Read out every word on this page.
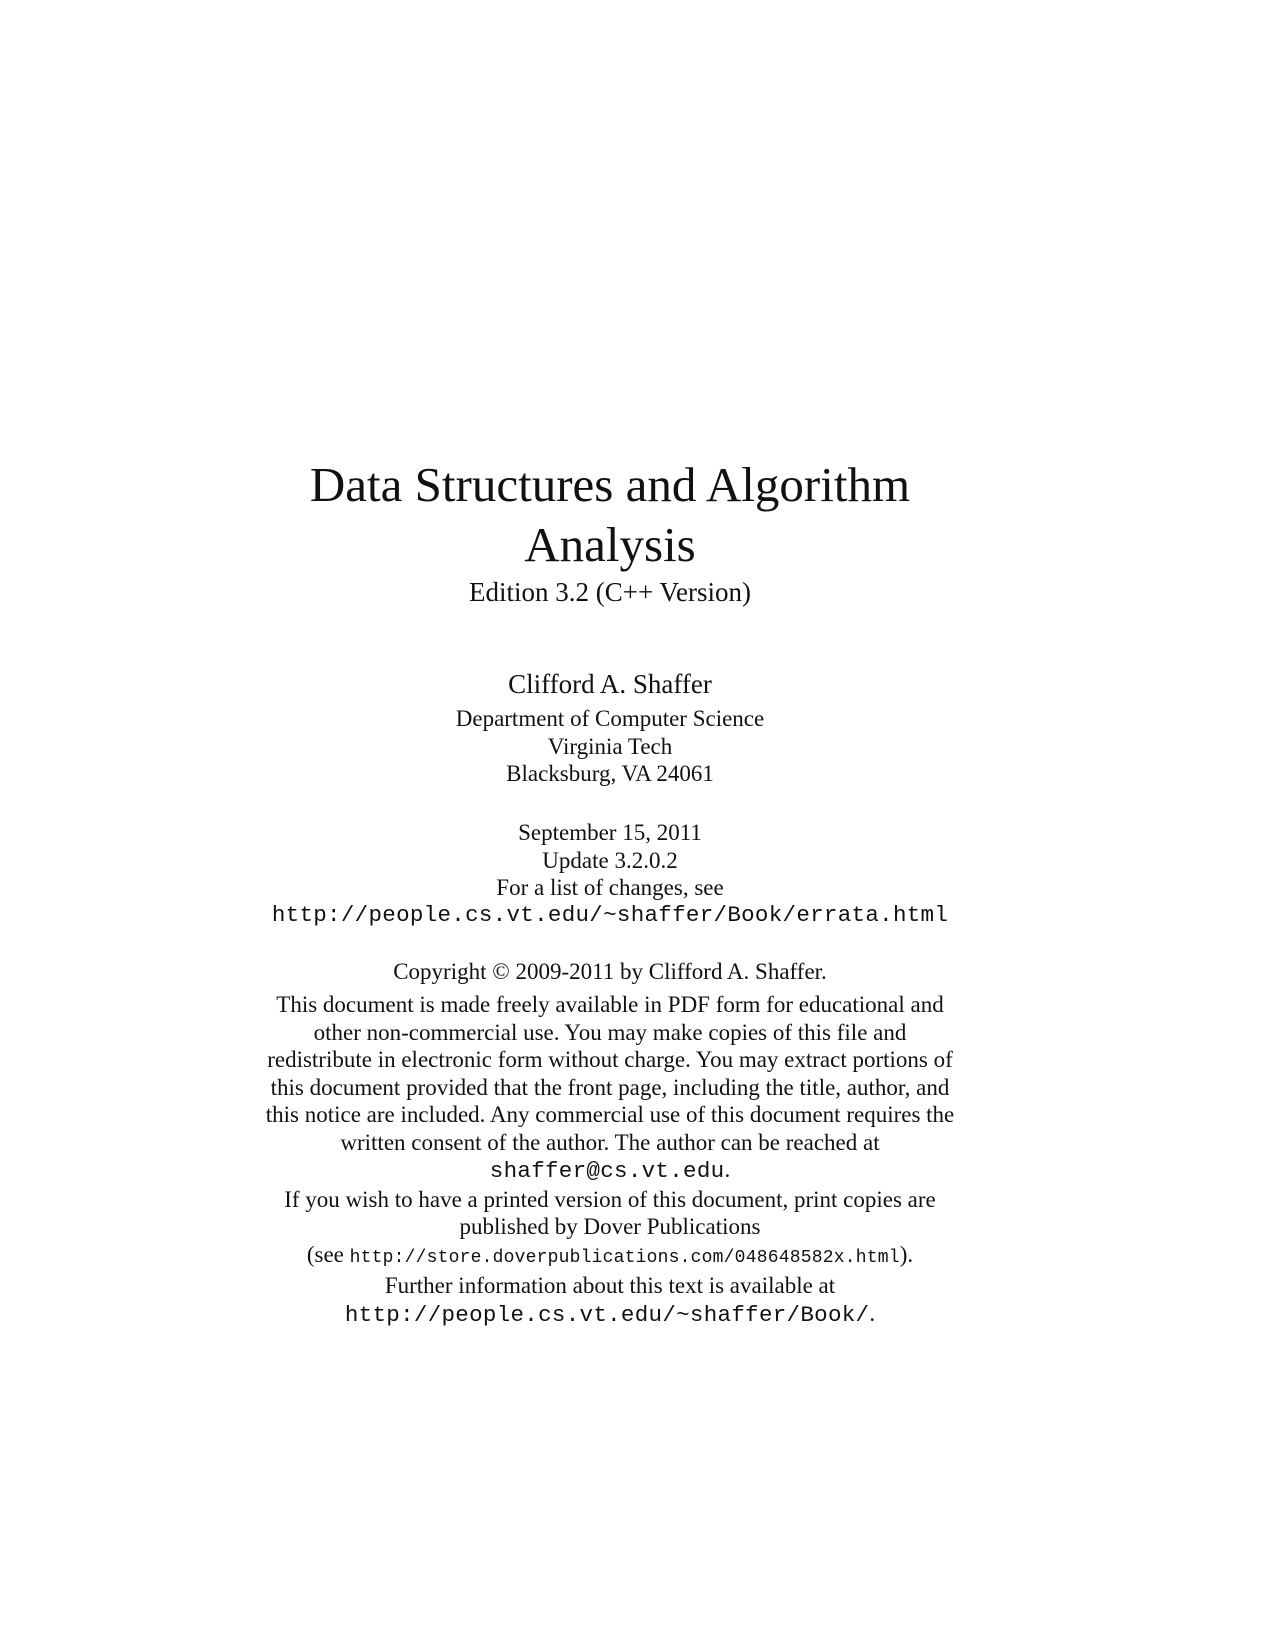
Data Structures and Algorithm
Analysis
Edition 3.2 (C++ Version)
Clifford A. Shaffer
Department of Computer Science
Virginia Tech
Blacksburg, VA 24061
September 15, 2011
Update 3.2.0.2
For a list of changes, see
http://people.cs.vt.edu/~shaffer/Book/errata.html
Copyright © 2009-2011 by Clifford A. Shaffer.
This document is made freely available in PDF form for educational and
other non-commercial use. You may make copies of this file and
redistribute in electronic form without charge. You may extract portions of
this document provided that the front page, including the title, author, and
this notice are included. Any commercial use of this document requires the
written consent of the author. The author can be reached at
shaffer@cs.vt.edu.
If you wish to have a printed version of this document, print copies are
published by Dover Publications
(see http://store.doverpublications.com/048648582x.html).
Further information about this text is available at
http://people.cs.vt.edu/~shaffer/Book/.
